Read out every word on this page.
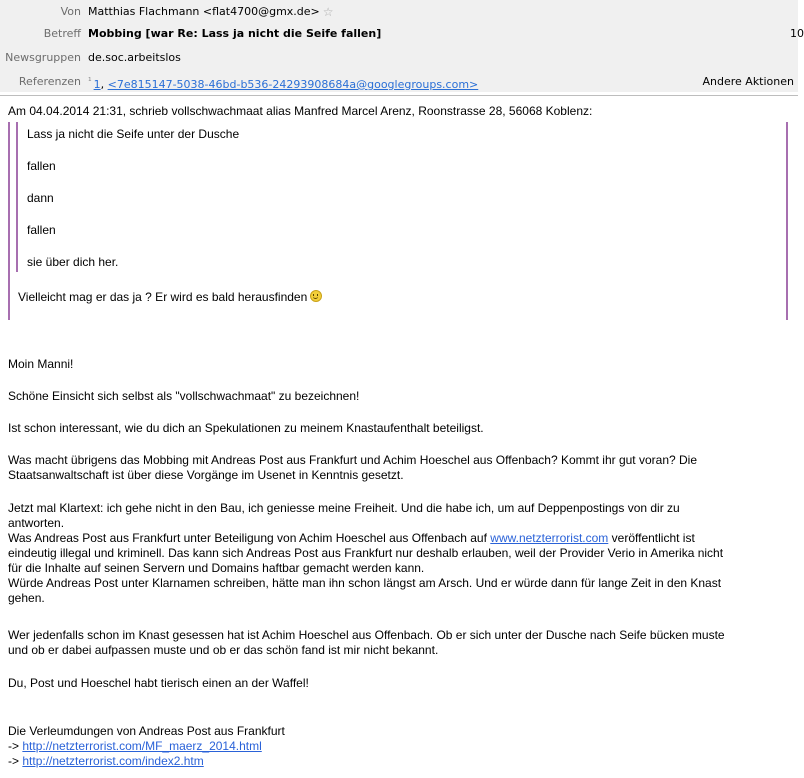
Von Matthias Flachmann <flat4700@gmx.de> ☆
Betreff Mobbing [war Re: Lass ja nicht die Seife fallen]	10
Newsgruppen de.soc.arbeitslos
Referenzen $^{^1}$ 1, <7e815147-5038-46bd-b536-24293908684a@googlegroups.com>	Andere Aktionen
Am 04.04.2014 21:31, schrieb vollschwachmaat alias Manfred Marcel Arenz, Roonstrasse 28, 56068 Koblenz:
Lass ja nicht die Seife unter der Dusche
fallen
dann
fallen
sie über dich her.
Vielleicht mag er das ja ? Er wird es bald herausfinden
Moin Manni!
Schöne Einsicht sich selbst als "vollschwachmaat" zu bezeichnen!
Ist schon interessant, wie du dich an Spekulationen zu meinem Knastaufenthalt beteiligst.
Was macht übrigens das Mobbing mit Andreas Post aus Frankfurt und Achim Hoeschel aus Offenbach? Kommt ihr gut voran? Die
Staatsanwaltschaft ist über diese Vorgänge im Usenet in Kenntnis gesetzt.
Jetzt mal Klartext: ich gehe nicht in den Bau, ich geniesse meine Freiheit. Und die habe ich, um auf Deppenpostings von dir zu
antworten.
Was Andreas Post aus Frankfurt unter Beteiligung von Achim Hoeschel aus Offenbach auf www.netzterrorist.com veröffentlicht ist
eindeutig illegal und kriminell. Das kann sich Andreas Post aus Frankfurt nur deshalb erlauben, weil der Provider Verio in Amerika nicht
für die Inhalte auf seinen Servern und Domains haftbar gemacht werden kann.
Würde Andreas Post unter Klarnamen schreiben, hätte man ihn schon längst am Arsch. Und er würde dann für lange Zeit in den Knast
gehen.
Wer jedenfalls schon im Knast gesessen hat ist Achim Hoeschel aus Offenbach. Ob er sich unter der Dusche nach Seife bücken muste
und ob er dabei aufpassen muste und ob er das schön fand ist mir nicht bekannt.
Du, Post und Hoeschel habt tierisch einen an der Waffel!
Die Verleumdungen von Andreas Post aus Frankfurt
-> http://netzterrorist.com/MF_maerz_2014.html
-> http://netzterrorist.com/index2.htm
